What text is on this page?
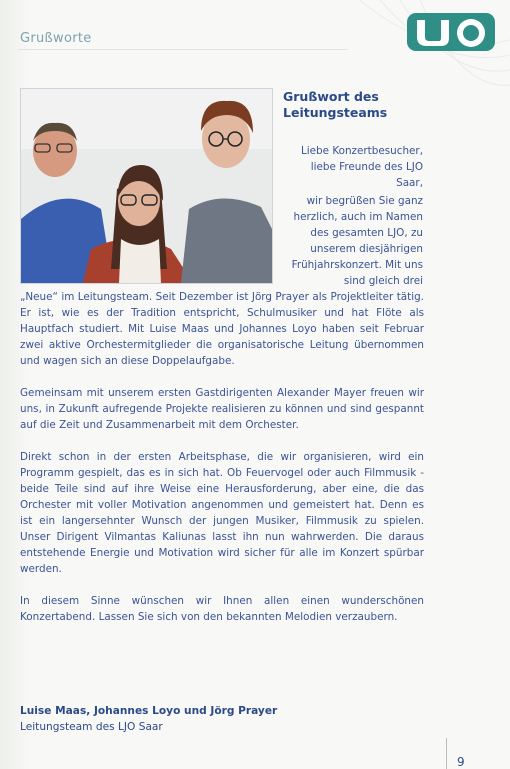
Grußworte
Grußwort des Leitungsteams

Liebe Konzertbesucher, liebe Freunde des LJO Saar,

wir begrüßen Sie ganz herzlich, auch im Namen des gesamten LJO, zu unserem diesjährigen Frühjahrskonzert. Mit uns sind gleich drei

„Neue“ im Leitungsteam. Seit Dezember ist Jörg Prayer als Projektleiter tätig. Er ist, wie es der Tradition entspricht, Schulmusiker und hat Flöte als Hauptfach studiert. Mit Luise Maas und Johannes Loyo haben seit Februar zwei aktive Orchestermitglieder die organisatorische Leitung übernommen und wagen sich an diese Doppelaufgabe.

Gemeinsam mit unserem ersten Gastdirigenten Alexander Mayer freuen wir uns, in Zukunft aufregende Projekte realisieren zu können und sind gespannt auf die Zeit und Zusammenarbeit mit dem Orchester.

Direkt schon in der ersten Arbeitsphase, die wir organisieren, wird ein Programm gespielt, das es in sich hat. Ob Feuervogel oder auch Filmmusik - beide Teile sind auf ihre Weise eine Herausforderung, aber eine, die das Orchester mit voller Motivation angenommen und gemeistert hat. Denn es ist ein langersehnter Wunsch der jungen Musiker, Filmmusik zu spielen. Unser Dirigent Vilmantas Kaliunas lasst ihn nun wahrwerden. Die daraus entstehende Energie und Motivation wird sicher für alle im Konzert spürbar werden.

In diesem Sinne wünschen wir Ihnen allen einen wunderschönen Konzertabend. Lassen Sie sich von den bekannten Melodien verzaubern.

Luise Maas, Johannes Loyo und Jörg Prayer
Leitungsteam des LJO Saar
9
